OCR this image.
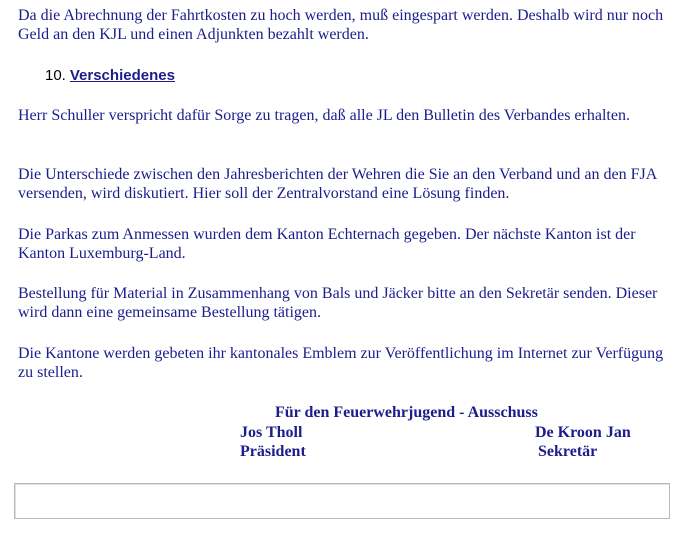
Da die Abrechnung der Fahrtkosten zu hoch werden, muß eingespart werden. Deshalb wird nur noch Geld an den KJL und einen Adjunkten bezahlt werden.

10. Verschiedenes

Herr Schuller verspricht dafür Sorge zu tragen, daß alle JL den Bulletin des Verbandes erhalten.

Die Unterschiede zwischen den Jahresberichten der Wehren die Sie an den Verband und an den FJA versenden, wird diskutiert. Hier soll der Zentralvorstand eine Lösung finden.

Die Parkas zum Anmessen wurden dem Kanton Echternach gegeben. Der nächste Kanton ist der Kanton Luxemburg-Land.

Bestellung für Material in Zusammenhang von Bals und Jäcker bitte an den Sekretär senden. Dieser wird dann eine gemeinsame Bestellung tätigen.

Die Kantone werden gebeten ihr kantonales Emblem zur Veröffentlichung im Internet zur Verfügung zu stellen.

Für den Feuerwehrjugend - Ausschuss

Jos Tholl	De Kroon Jan

Präsident	Sekretär
